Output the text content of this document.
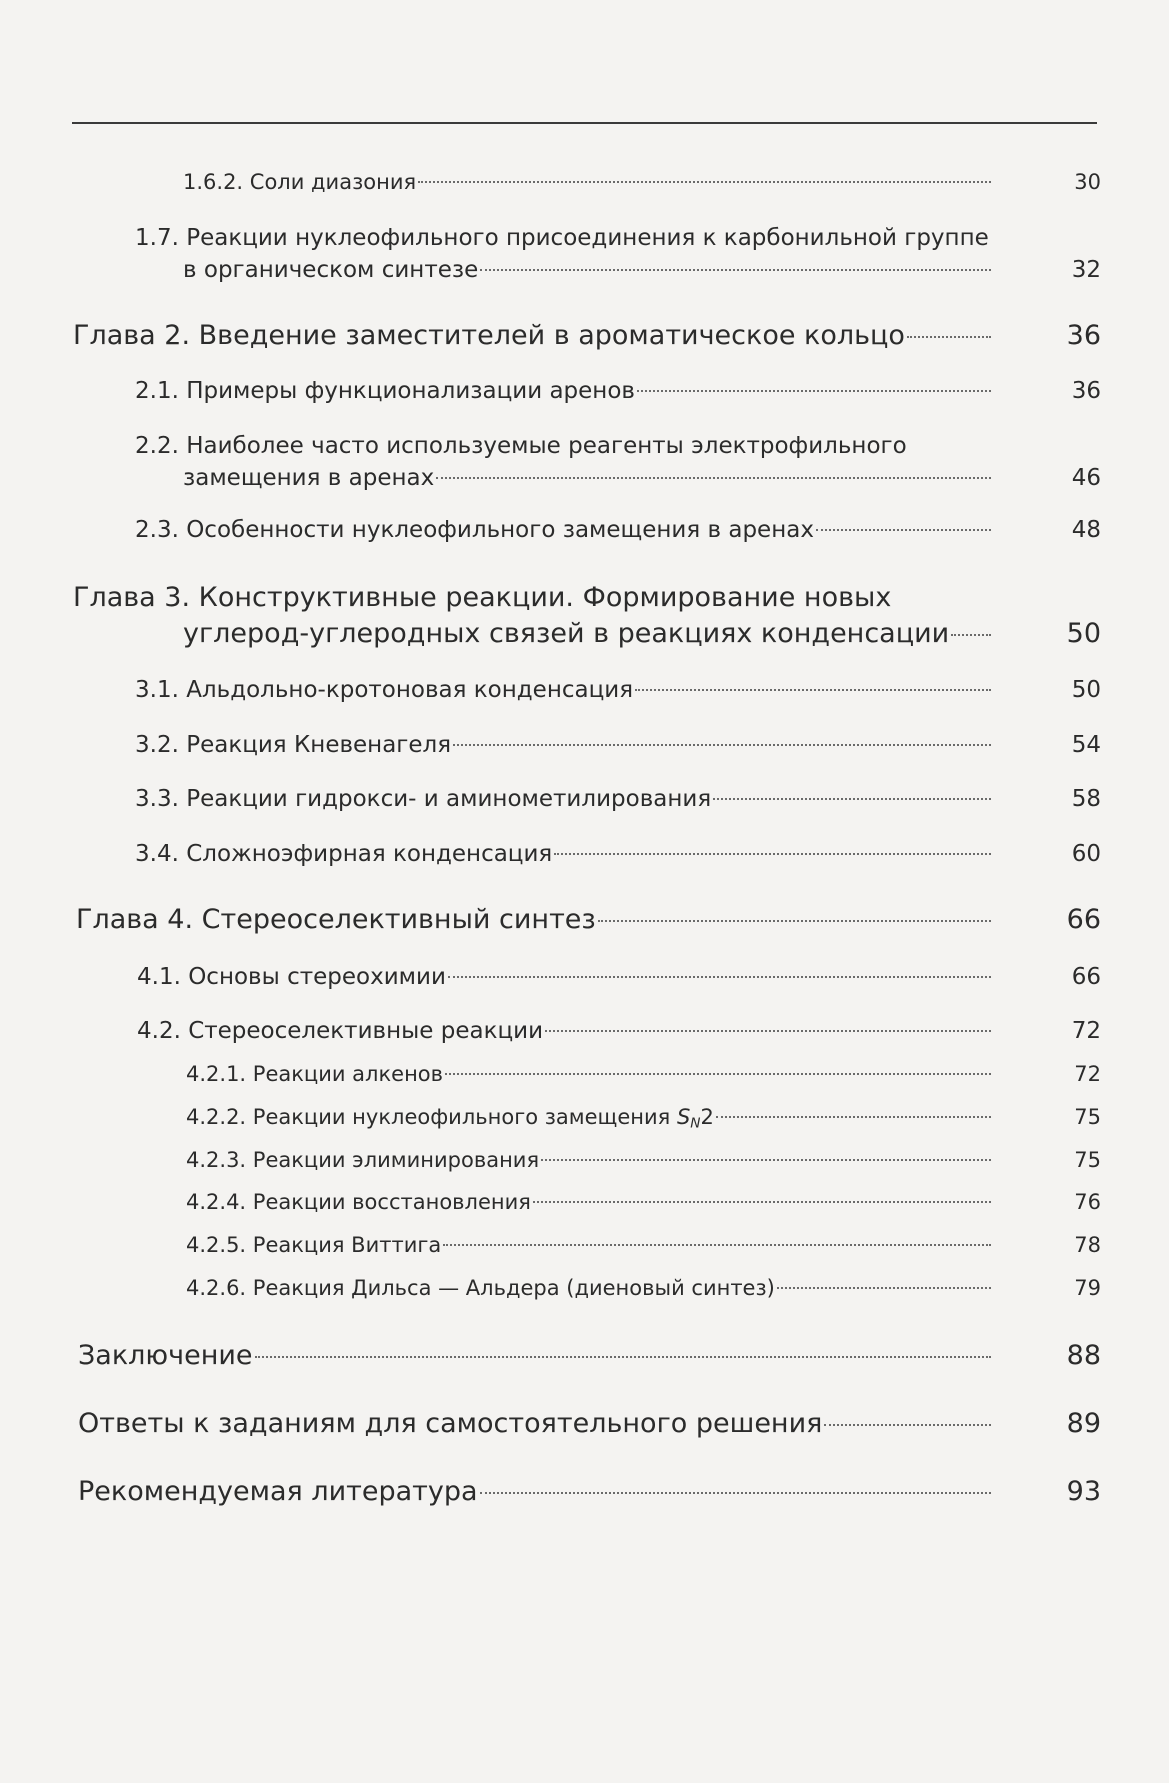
1.6.2. Соли диазония	30
1.7. Реакции нуклеофильного присоединения к карбонильной группе
в органическом синтезе	32
Глава 2. Введение заместителей в ароматическое кольцо	36
2.1. Примеры функционализации аренов	36
2.2. Наиболее часто используемые реагенты электрофильного
замещения в аренах	46
2.3. Особенности нуклеофильного замещения в аренах	48
Глава 3. Конструктивные реакции. Формирование новых
углерод-углеродных связей в реакциях конденсации	50
3.1. Альдольно-кротоновая конденсация	50
3.2. Реакция Кневенагеля	54
3.3. Реакции гидрокси- и аминометилирования	58
3.4. Сложноэфирная конденсация	60
Глава 4. Стереоселективный синтез	66
4.1. Основы стереохимии	66
4.2. Стереоселективные реакции	72
4.2.1. Реакции алкенов	72
4.2.2. Реакции нуклеофильного замещения $S_N2$	75
4.2.3. Реакции элиминирования	75
4.2.4. Реакции восстановления	76
4.2.5. Реакция Виттига	78
4.2.6. Реакция Дильса — Альдера (диеновый синтез)	79
Заключение	88
Ответы к заданиям для самостоятельного решения	89
Рекомендуемая литература	93
